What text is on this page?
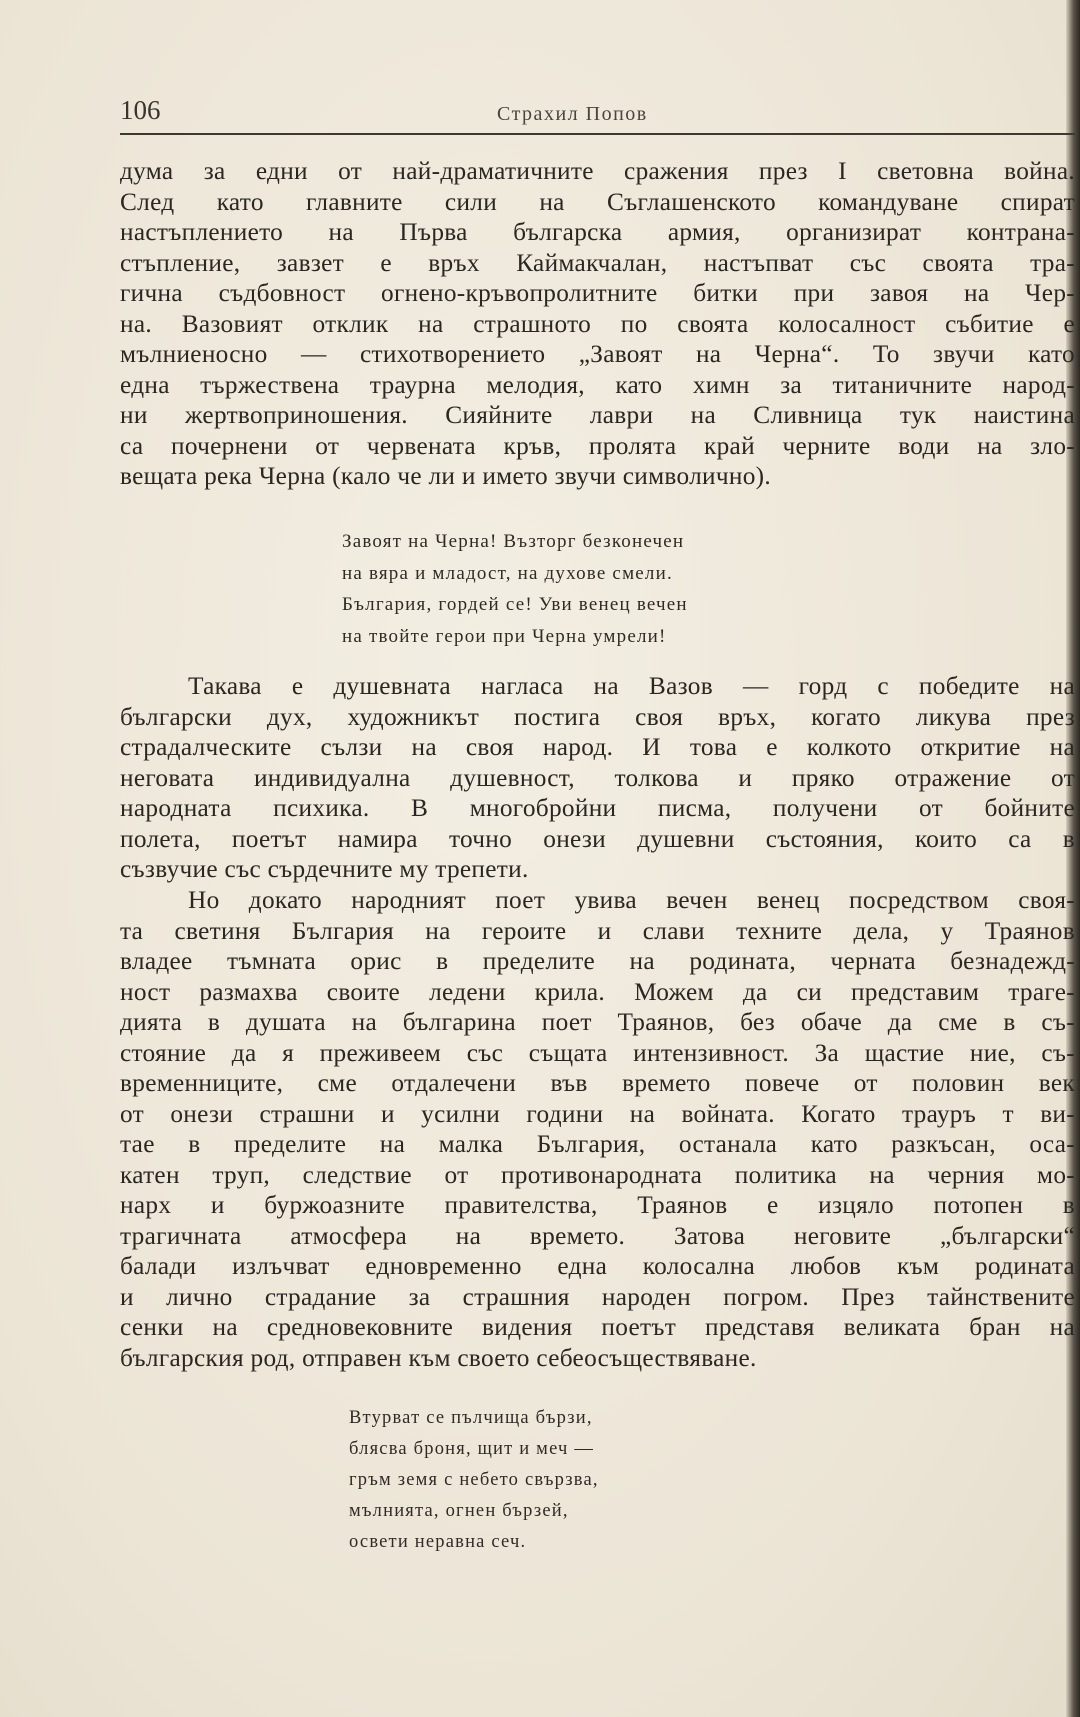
106	Страхил Попов
дума за едни от най-драматичните сражения през I световна война.
След като главните сили на Съглашенското командуване спират
настъплението на Първа българска армия, организират контрана-
стъпление, завзет е връх Каймакчалан, настъпват със своята тра-
гична съдбовност огнено-кръвопролитните битки при завоя на Чер-
на. Вазовият отклик на страшното по своята колосалност събитие е
мълниеносно — стихотворението „Завоят на Черна“. То звучи като
една тържествена траурна мелодия, като химн за титаничните народ-
ни жертвоприношения. Сияйните лаври на Сливница тук наистина
са почернени от червената кръв, пролята край черните води на зло-
вещата река Черна (кало че ли и името звучи символично).
Завоят на Черна! Възторг безконечен
на вяра и младост, на духове смели.
България, гордей се! Уви венец вечен
на твойте герои при Черна умрели!
Такава е душевната нагласа на Вазов — горд с победите на
български дух, художникът постига своя връх, когато ликува през
страдалческите сълзи на своя народ. И това е колкото откритие на
неговата индивидуална душевност, толкова и пряко отражение от
народната психика. В многобройни писма, получени от бойните
полета, поетът намира точно онези душевни състояния, които са в
съзвучие със сърдечните му трепети.
Но докато народният поет увива вечен венец посредством своя-
та светиня България на героите и слави техните дела, у Траянов
владее тъмната орис в пределите на родината, черната безнадежд-
ност размахва своите ледени крила. Можем да си представим траге-
дията в душата на българина поет Траянов, без обаче да сме в съ-
стояние да я преживеем със същата интензивност. За щастие ние, съ-
временниците, сме отдалечени във времето повече от половин век
от онези страшни и усилни години на войната. Когато трауръ т ви-
тае в пределите на малка България, останала като разкъсан, оса-
катен труп, следствие от противонародната политика на черния мо-
нарх и буржоазните правителства, Траянов е изцяло потопен в
трагичната атмосфера на времето. Затова неговите „български“
балади излъчват едновременно една колосална любов към родината
и лично страдание за страшния народен погром. През тайнствените
сенки на средновековните видения поетът представя великата бран на
българския род, отправен към своето себеосъществяване.
Втурват се пълчища бързи,
блясва броня, щит и меч —
гръм земя с небето свързва,
мълнията, огнен бързей,
освети неравна сеч.
